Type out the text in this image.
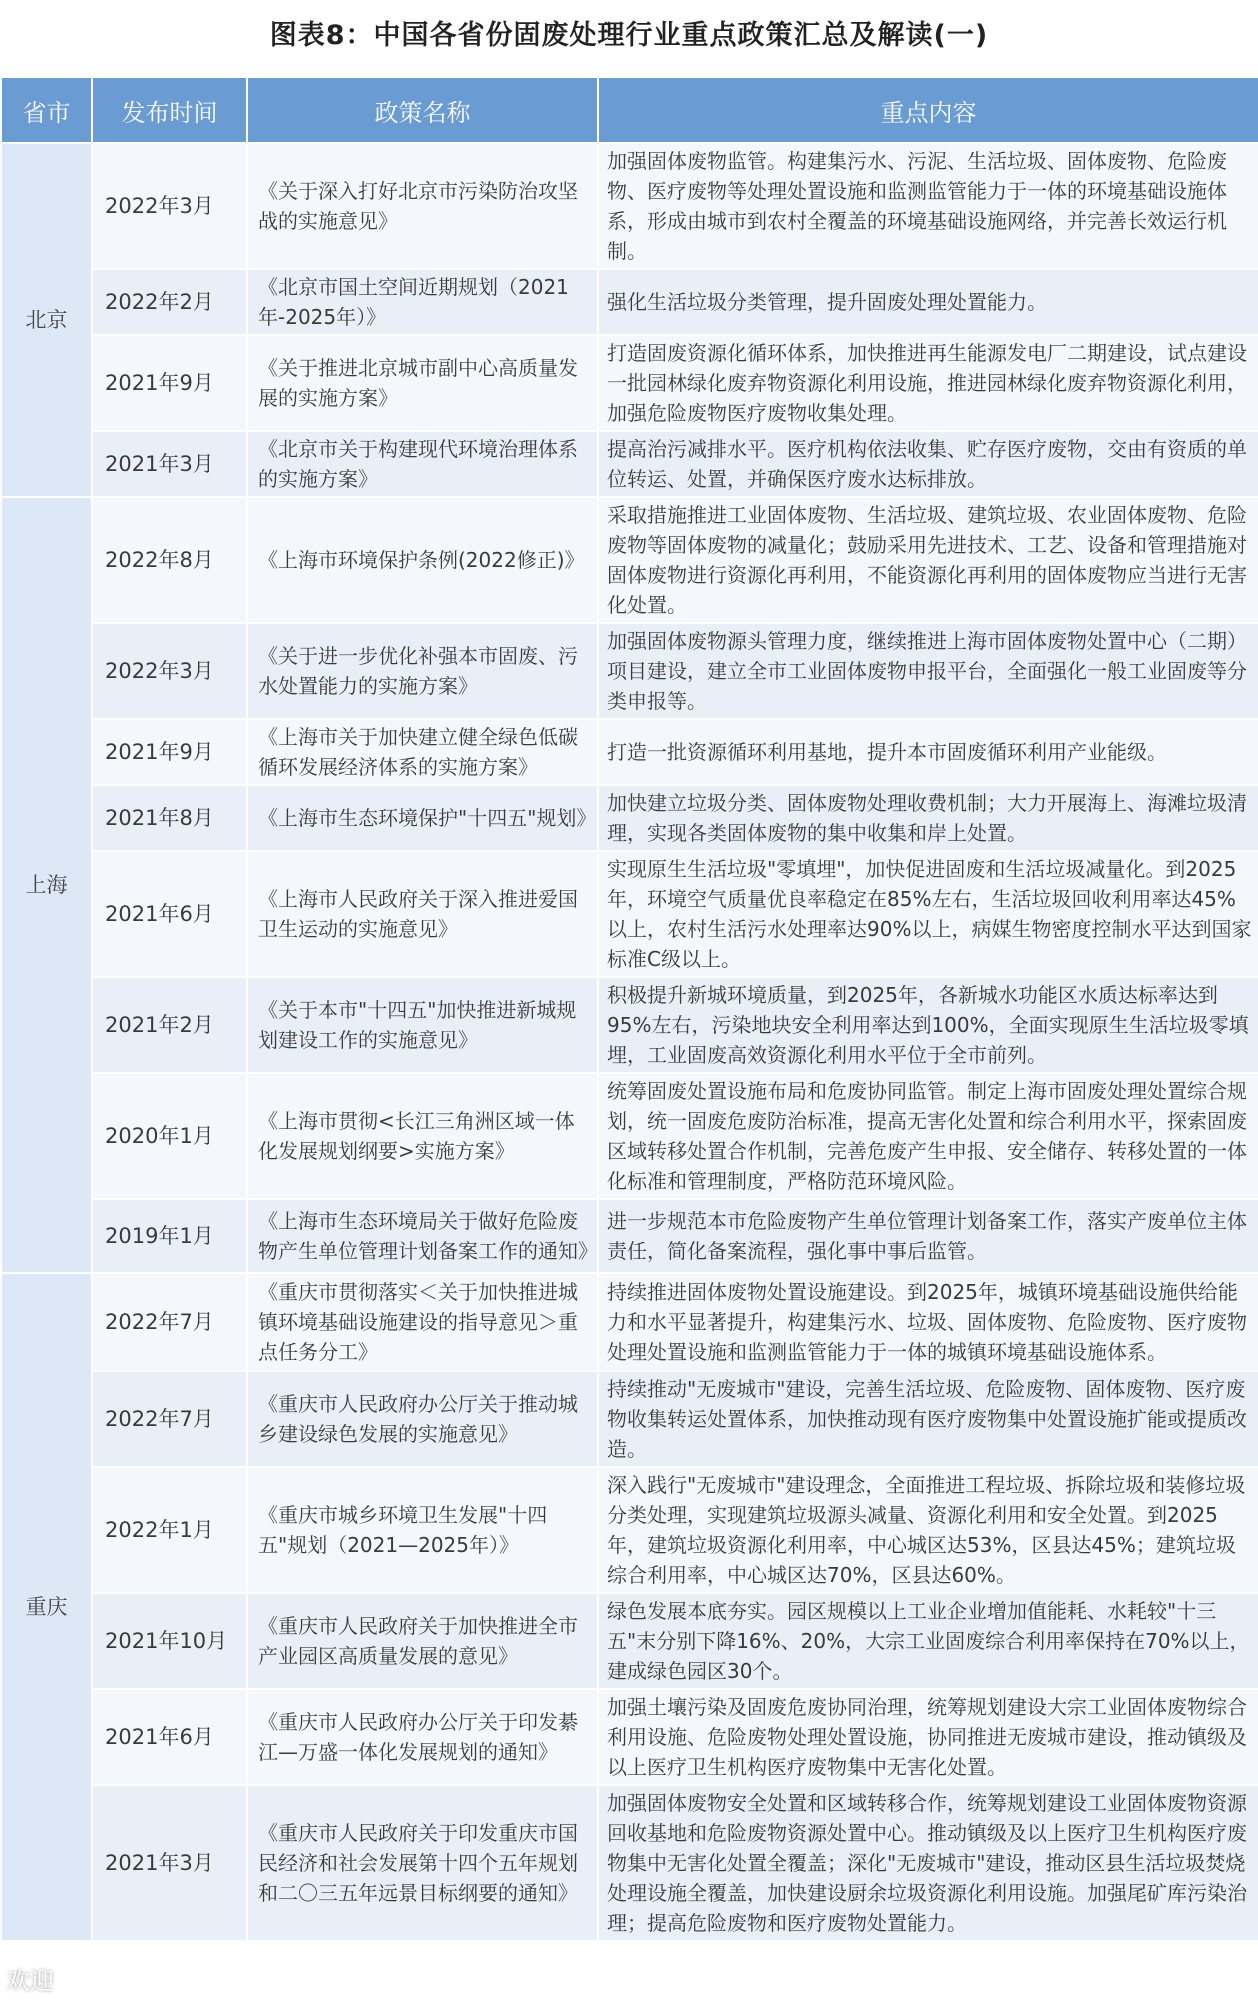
图表8：中国各省份固废处理行业重点政策汇总及解读(一)
省市	发布时间	政策名称	重点内容
北京	2022年3月	《关于深入打好北京市污染防治攻坚战的实施意见》	加强固体废物监管。构建集污水、污泥、生活垃圾、固体废物、危险废物、医疗废物等处理处置设施和监测监管能力于一体的环境基础设施体系，形成由城市到农村全覆盖的环境基础设施网络，并完善长效运行机制。
	2022年2月	《北京市国土空间近期规划（2021年-2025年）》	强化生活垃圾分类管理，提升固废处理处置能力。
	2021年9月	《关于推进北京城市副中心高质量发展的实施方案》	打造固废资源化循环体系，加快推进再生能源发电厂二期建设，试点建设一批园林绿化废弃物资源化利用设施，推进园林绿化废弃物资源化利用，加强危险废物医疗废物收集处理。
	2021年3月	《北京市关于构建现代环境治理体系的实施方案》	提高治污减排水平。医疗机构依法收集、贮存医疗废物，交由有资质的单位转运、处置，并确保医疗废水达标排放。
上海	2022年8月	《上海市环境保护条例(2022修正)》	采取措施推进工业固体废物、生活垃圾、建筑垃圾、农业固体废物、危险废物等固体废物的减量化；鼓励采用先进技术、工艺、设备和管理措施对固体废物进行资源化再利用，不能资源化再利用的固体废物应当进行无害化处置。
	2022年3月	《关于进一步优化补强本市固废、污水处置能力的实施方案》	加强固体废物源头管理力度，继续推进上海市固体废物处置中心（二期）项目建设，建立全市工业固体废物申报平台，全面强化一般工业固废等分类申报等。
	2021年9月	《上海市关于加快建立健全绿色低碳循环发展经济体系的实施方案》	打造一批资源循环利用基地，提升本市固废循环利用产业能级。
	2021年8月	《上海市生态环境保护"十四五"规划》	加快建立垃圾分类、固体废物处理收费机制；大力开展海上、海滩垃圾清理，实现各类固体废物的集中收集和岸上处置。
	2021年6月	《上海市人民政府关于深入推进爱国卫生运动的实施意见》	实现原生生活垃圾"零填埋"，加快促进固废和生活垃圾减量化。到2025年，环境空气质量优良率稳定在85%左右，生活垃圾回收利用率达45%以上，农村生活污水处理率达90%以上，病媒生物密度控制水平达到国家标准C级以上。
	2021年2月	《关于本市"十四五"加快推进新城规划建设工作的实施意见》	积极提升新城环境质量，到2025年，各新城水功能区水质达标率达到95%左右，污染地块安全利用率达到100%，全面实现原生生活垃圾零填埋，工业固废高效资源化利用水平位于全市前列。
	2020年1月	《上海市贯彻<长江三角洲区域一体化发展规划纲要>实施方案》	统筹固废处置设施布局和危废协同监管。制定上海市固废处理处置综合规划，统一固废危废防治标准，提高无害化处置和综合利用水平，探索固废区域转移处置合作机制，完善危废产生申报、安全储存、转移处置的一体化标准和管理制度，严格防范环境风险。
	2019年1月	《上海市生态环境局关于做好危险废物产生单位管理计划备案工作的通知》	进一步规范本市危险废物产生单位管理计划备案工作，落实产废单位主体责任，简化备案流程，强化事中事后监管。
重庆	2022年7月	《重庆市贯彻落实＜关于加快推进城镇环境基础设施建设的指导意见＞重点任务分工》	持续推进固体废物处置设施建设。到2025年，城镇环境基础设施供给能力和水平显著提升，构建集污水、垃圾、固体废物、危险废物、医疗废物处理处置设施和监测监管能力于一体的城镇环境基础设施体系。
	2022年7月	《重庆市人民政府办公厅关于推动城乡建设绿色发展的实施意见》	持续推动"无废城市"建设，完善生活垃圾、危险废物、固体废物、医疗废物收集转运处置体系，加快推动现有医疗废物集中处置设施扩能或提质改造。
	2022年1月	《重庆市城乡环境卫生发展"十四五"规划（2021—2025年）》	深入践行"无废城市"建设理念，全面推进工程垃圾、拆除垃圾和装修垃圾分类处理，实现建筑垃圾源头减量、资源化利用和安全处置。到2025年，建筑垃圾资源化利用率，中心城区达53%，区县达45%；建筑垃圾综合利用率，中心城区达70%，区县达60%。
	2021年10月	《重庆市人民政府关于加快推进全市产业园区高质量发展的意见》	绿色发展本底夯实。园区规模以上工业企业增加值能耗、水耗较"十三五"末分别下降16%、20%，大宗工业固废综合利用率保持在70%以上，建成绿色园区30个。
	2021年6月	《重庆市人民政府办公厅关于印发綦江—万盛一体化发展规划的通知》	加强土壤污染及固废危废协同治理，统筹规划建设大宗工业固体废物综合利用设施、危险废物处理处置设施，协同推进无废城市建设，推动镇级及以上医疗卫生机构医疗废物集中无害化处置。
	2021年3月	《重庆市人民政府关于印发重庆市国民经济和社会发展第十四个五年规划和二〇三五年远景目标纲要的通知》	加强固体废物安全处置和区域转移合作，统筹规划建设工业固体废物资源回收基地和危险废物资源处置中心。推动镇级及以上医疗卫生机构医疗废物集中无害化处置全覆盖；深化"无废城市"建设，推动区县生活垃圾焚烧处理设施全覆盖，加快建设厨余垃圾资源化利用设施。加强尾矿库污染治理；提高危险废物和医疗废物处置能力。
欢迎
